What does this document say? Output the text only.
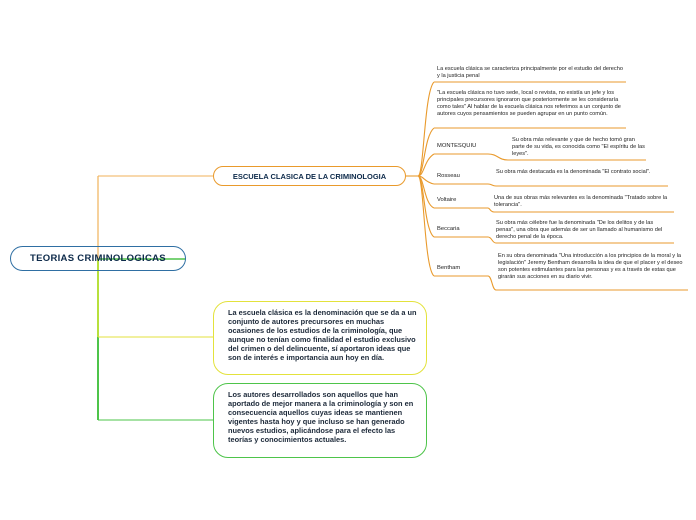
TEORIAS CRIMINOLOGICAS
ESCUELA CLASICA DE LA CRIMINOLOGIA
La escuela clásica se caracteriza principalmente por el estudio del derecho y la justicia penal
"La escuela clásica no tuvo sede, local o revista, no existía un jefe y los principales precursores ignoraron que posteriormente se les consideraría como tales" Al hablar de la escuela clásica nos referimos a un conjunto de autores cuyos pensamientos se pueden agrupar en un punto común.
MONTESQUIU
Su obra más relevante y que de hecho tomó gran parte de su vida, es conocida como "El espíritu de las leyes".
Rosseau
Su obra más destacada es la denominada "El contrato social".
Voltaire	Una de sus obras más relevantes es la denominada "Tratado sobre la tolerancia".
Beccaria
Su obra más célebre fue la denominada "De los delitos y de las penas", una obra que además de ser un llamado al humanismo del derecho penal de la época.
Bentham
En su obra denominada "Una introducción a los principios de la moral y la legislación" Jeremy Bentham desarrolla la idea de que el placer y el deseo son potentes estimulantes para las personas y es a través de estas que girarán sus acciones en su diario vivir.
La escuela clásica es la denominación que se da a un conjunto de autores precursores en muchas ocasiones de los estudios de la criminología, que aunque no tenían como finalidad el estudio exclusivo del crimen o del delincuente, sí aportaron ideas que son de interés e importancia aun hoy en día.
Los autores desarrollados son aquellos que han aportado de mejor manera a la criminología y son en consecuencia aquellos cuyas ideas se mantienen vigentes hasta hoy y que incluso se han generado nuevos estudios, aplicándose para el efecto las teorías y conocimientos actuales.
